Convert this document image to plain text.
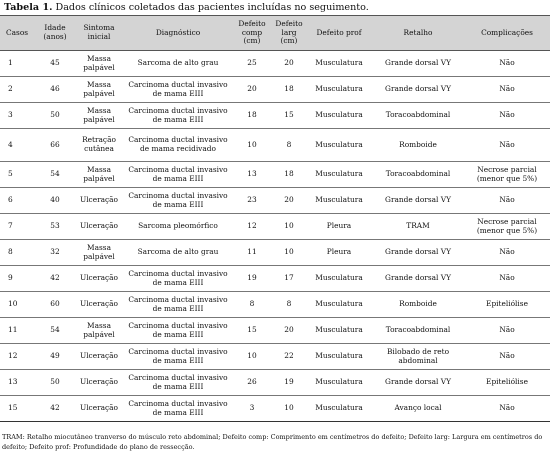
Tabela 1. Dados clínicos coletados das pacientes incluídas no seguimento.
Casos	Idade (anos)	Sintoma inicial	Diagnóstico	Defeito comp (cm)	Defeito larg (cm)	Defeito prof	Retalho	Complicações
1	45	Massa palpável	Sarcoma de alto grau	25	20	Musculatura	Grande dorsal VY	Não
2	46	Massa palpável	Carcinoma ductal invasivo de mama EIII	20	18	Musculatura	Grande dorsal VY	Não
3	50	Massa palpável	Carcinoma ductal invasivo de mama EIII	18	15	Musculatura	Toracoabdominal	Não
4	66	Retração cutânea	Carcinoma ductal invasivo de mama recidivado	10	8	Musculatura	Romboide	Não
5	54	Massa palpável	Carcinoma ductal invasivo de mama EIII	13	18	Musculatura	Toracoabdominal	Necrose parcial (menor que 5%)
6	40	Ulceração	Carcinoma ductal invasivo de mama EIII	23	20	Musculatura	Grande dorsal VY	Não
7	53	Ulceração	Sarcoma pleomórfico	12	10	Pleura	TRAM	Necrose parcial (menor que 5%)
8	32	Massa palpável	Sarcoma de alto grau	11	10	Pleura	Grande dorsal VY	Não
9	42	Ulceração	Carcinoma ductal invasivo de mama EIII	19	17	Musculatura	Grande dorsal VY	Não
10	60	Ulceração	Carcinoma ductal invasivo de mama EIII	8	8	Musculatura	Romboide	Epiteliólise
11	54	Massa palpável	Carcinoma ductal invasivo de mama EIII	15	20	Musculatura	Toracoabdominal	Não
12	49	Ulceração	Carcinoma ductal invasivo de mama EIII	10	22	Musculatura	Bilobado de reto abdominal	Não
13	50	Ulceração	Carcinoma ductal invasivo de mama EIII	26	19	Musculatura	Grande dorsal VY	Epiteliólise
15	42	Ulceração	Carcinoma ductal invasivo de mama EIII	3	10	Musculatura	Avanço local	Não
TRAM: Retalho miocutâneo tranverso do músculo reto abdominal; Defeito comp: Comprimento em centímetros do defeito; Defeito larg: Largura em centímetros do defeito; Defeito prof: Profundidade do plano de ressecção.
